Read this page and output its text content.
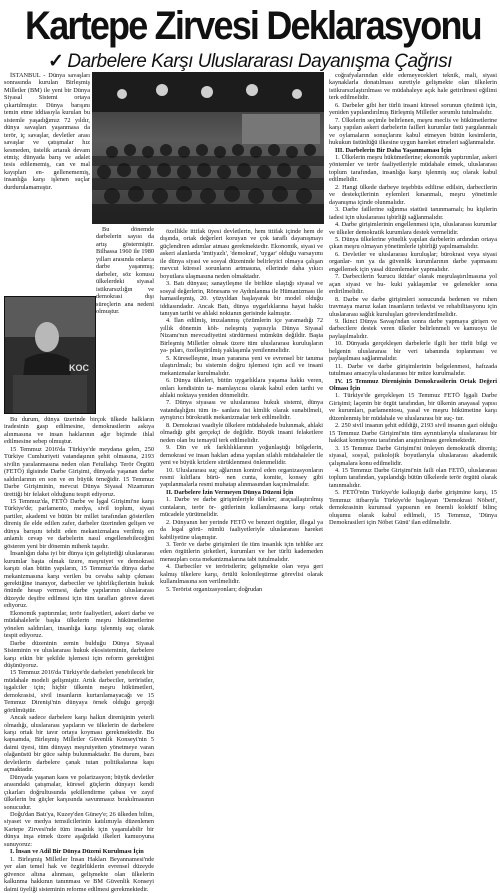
Kartepe Zirvesi Deklarasyonu
✓ Darbelere Karşı Uluslararası Dayanışma Çağrısı

İSTANBUL - Dünya savaşları sonrasında kurulan Birleşmiş Milletler (BM) ile yeni bir Dünya Siyasal Sistemi ortaya çıkartılmıştır. Dünya barışını temin etme iddiasıyla kurulan bu sistemle yaşadığımız 72 yıldır, dünya savaşları yaşanmasa da terör, iç savaşlar, devletler arası savaşlar ve çatışmalar hız kesmeden, üstelik artarak devam etmiş; dünyada barış ve adalet tesis edilememiş, can ve mal kayıpları en- gellenememiş, insanlığa karşı işlenen suçlar durdurulamamıştır.

Bu dönemde darbelerin sayısı da artış göstermiştir. Bilhassa 1960 ile 1980 yılları arasında onlarca darbe yaşanmış; darbeler, söz konusu ülkelerdeki siyasal istikrarsızlığın ve demokrasi dışı süreçlerin ana nedeni olmuştur.

KOC

Bu durum, dünya üzerinde birçok ülkede halkların iradesinin gasp edilmesine, demokrasilerin askıya alınmasına ve insan haklarının ağır biçimde ihlal edilmesine sebep olmuştur.

15 Temmuz 2016'da Türkiye'de meydana gelen, 250 Türkiye Cumhuriyeti vatandaşının şehit olmasına, 2193 sivilin yaralanmasına neden olan Fetullahçı Terör Örgütü (FETÖ) ilgisinde Darbe Girişimi, dünyada yaşanan darbe saldırılarının en son ve en büyük örneğidir. 15 Temmuz Darbe Girişiminin, mevcut Dünya Siyasal Nizamının ürettiği bir felaket olduğunu tespit ediyoruz.

15 Temmuz'da, FETÖ Darbe ve İşgal Girişimi'ne karşı Türkiye'de; parlamento, medya, sivil toplum, siyasi partiler, akademi ve bütün bir millet tarafından gösterilen direniş ile elde edilen zafer, darbeler üzerinden gelişen ve dünya barışını tehdit eden mekanizmalara verilmiş en anlamlı cevap ve darbelerin nasıl engellenebileceğini gösteren yeni bir dönemin mihenk taşıdır.

İnsanlığın daha iyi bir dünya için geliştirdiği uluslararası kurumlar başta olmak üzere, meşruiyet ve demokrasi karşıtı olan bütün yapıların, 15 Temmuz'da dünya darbe mekanizmasına karşı verilen bu cevaba sahip çıkması gerektiğine inanıyor, darbeciler ve işbirlikçilerinin hukuk önünde hesap vermesi, darbe yapılarının uluslararası düzeyde deşifre edilmesi için tüm tarafları göreve davet ediyoruz.

Ekonomik yaptırımlar, terör faaliyetleri, askeri darbe ve müdahalelerle başka ülkelerin meşru hükümetlerine yönelen saldırıları, insanlığa karşı işlenmiş suç olarak tespit ediyoruz.

Darbe düzeninin zemin bulduğu Dünya Siyasal Sisteminin ve uluslararası hukuk ekosisteminin, darbelere karşı etkin bir şekilde işlemesi için reform gerektiğini düşünüyoruz.

15 Temmuz 2016'da Türkiye'de darbeleri yenebilecek bir müdahale modeli gelişmiştir. Artık darbeciler, teröristler, işgalciler için; hiçbir ülkenin meşru hükümetleri, demokrasisi, sivil insanların kurtarılamayacağı ve 15 Temmuz Direnişi'nin dünyaya örnek olduğu gerçeği görülmüştür.

Ancak sadece darbelere karşı halkın direnişinin yeterli olmadığı, uluslararası yapıların ve ülkelerin de darbelere karşı ortak bir tavır ortaya koyması gerekmektedir. Bu kapsamda, Birleşmiş Milletler Güvenlik Konseyi'nin 5 daimi üyesi, tüm dünyayı meşruiyetten yönetmeye varan olağanüstü bir güce sahip bulunmaktadır. Bu durum, bazı devletlerin darbelere çanak tutan politikalarına kapı açmaktadır.

Dünyada yaşanan kaos ve polarizasyon; büyük devletler arasındaki çatışmalar, küresel güçlerin dünyayı kendi çıkarları doğrultusunda şekillendirme çabası ve zayıf ülkelerin bu güçler karşısında savunmasız bırakılmasının sonucudur.

Doğu'dan Batı'ya, Kuzey'den Güney'e; 26 ülkeden bilim, siyaset ve medya temsilcilerinin katılımıyla düzenlenen Kartepe Zirvesi'nde tüm insanlık için yaşanılabilir bir dünya inşa etmek üzere aşağıdaki ilkeleri kamuoyuna sunuyoruz:

I. İnsan ve Adil Bir Dünya Düzeni Kurulması İçin

1. Birleşmiş Milletler İnsan Hakları Beyannamesi'nde yer alan temel hak ve özgürlüklerin evrensel düzeyde güvence altına alınması, gelişmekte olan ülkelerin kalkınma hakkının tanınması ve BM Güvenlik Konseyi daimi üyeliği sisteminin reforme edilmesi gerekmektedir.

özellikle ittifak üyesi devletlerin, hem ittifak içinde hem de dışında, ortak değerleri koruyan ve çok taraflı dayanışmayı güçlendiren adımlar atması gerekmektedir. Ekonomik, siyasi ve askeri alanlarda 'imtiyazlı', 'demokrat', 'uygar' olduğu varsayımı ile dünya siyasi ve sosyal düzeninde belirleyici olmaya çalışan mevcut küresel sorunların artmasına, ellerinde daha yıkıcı boyutlara ulaşmasına neden olmaktadır.

3. Batı dünyası; sanayileşme ile birlikte ulaştığı siyasal ve sosyal değerlerin, Rönesans ve Aydınlanma ile Hümanizması ile hamasileşmiş, 20. yüzyıldan başlayarak bir model olduğu iddiasındadır. Ancak Batı, dünya uygarlıklarına hayat hakkı tanıyan tarihi ve ahlaki noktanın gerisinde kalmıştır.

4. İlan edilmiş, imzalanmış çözümlerin içe yaramadığı 72 yıllık dönemin köh- neleşmiş yapısıyla Dünya Siyasal Nizamı'nın mevcudiyetini sürdürmesi mümkün değildir. Başta Birleşmiş Milletler olmak üzere tüm uluslararası kuruluşların ya- pıları, özelleştirilmiş yaklaşımla yenilenmelidir.

5. Küreselleşme, insan yaranına yeni ve evrensel bir tanıma ulaştırılmalı; bu sistemin doğru işlemesi için acil ve insani mekanizmalar kurulmalıdır.

6. Dünya ülkeleri, bütün uygarlıklara yaşama hakkı veren, onları kendisinin ta- mamlayıcısı olarak kabul eden tarihi ve ahlaki noktaya yeniden dönmelidir.

7. Dünya siyasası ve uluslararası hukuk sistemi, dünya vatandaşlığını tüm in- sanlara üst kimlik olarak sunabilmeli, ayrıştırıcı bürokratik mekanizmalar terk edilmelidir.

8. Demokrasi vaadiyle ülkelere müdahalede bulunmak, ahlaki olmadığı gibi gerçekçi de değildir. Büyük insani felaketlere neden olan bu temayül terk edilmelidir.

9. Din ve ırk farklılıklarının yoğunlaştığı bölgelerin, demokrasi ve insan hakları adına yapılan silahlı müdahaleler ile yeni ve büyük krizlere sürüklenmesi önlenmelidir.

10. Uluslararası suç ağlarının kontrol eden organizasyonların resmi kılıflara bürü- nen cunta, komite, konsey gibi yapılanmalarla resmi muhatap alınmasından kaçınılmalıdır.

II. Darbelere İzin Vermeyen Dünya Düzeni İçin

1. Darbe ve darbe girişimleriyle ülkeler; araçsallaştırılmış cuntaların, terör ör- gütlerinin kullanılmasına karşı ortak mücadele yürütmelidir.

2. Dünyanın her yerinde FETÖ ve benzeri örgütler, illegal ya da legal görü- nümlü faaliyetleriyle uluslararası hareket kabiliyetine ulaşmıştır.

3. Terör ve darbe girişimleri ile tüm insanlık için tehlike arz eden örgütlerin şirketleri, kurumları ve her türlü kademeden mensupları ceza mekanizmalarına tabi tutulmalıdır.

4. Darbeciler ve teröristlerin; gelişmekte olan veya geri kalmış ülkelere karşı, örtülü kolonileştirme görevlisi olarak kullanılmasına son verilmelidir.

5. Terörist organizasyonları; doğrudan

coğrafyalarından elde edemeyecekleri teknik, mali, siyasi kaynaklarla donatılması suretiyle gelişmekte olan ülkelerin istikrarsızlaştırılması ve müdahaleye açık hale getirilmesi eğilimi terk edilmelidir.

6. Darbeler gibi her türlü insani küresel sorunun çözümü için, yeniden yapılandırılmış Birleşmiş Milletler sorumlu tutulmalıdır.

7. Ülkelerin seçimle belirlenen, meşru meclis ve hükümetlerine karşı yapılan askeri darbelerin failleri kurumlar üstü yargılanmalı ve oylamaların sonuçlarını kabul etmeyen bütün kesimlerin, hukukun üstünlüğü ilkesine uygun hareket etmeleri sağlanmalıdır.

III. Darbelerin Bir Daha Yaşanmaması İçin

1. Ülkelerin meşru hükümetlerine; ekonomik yaptırımlar, askeri yöntemler ve terör faaliyetleriyle müdahale etmek, uluslararası toplum tarafından, insanlığa karşı işlenmiş suç olarak kabul edilmelidir.

2. Hangi ülkede darbeye teşebbüs edilirse edilsin, darbecilerin ve destekçilerinin eylemleri kınanmalı, meşru yönetimle dayanışma içinde olunmalıdır.

3. Darbe faillerine sığınma statüsü tanınmamalı; bu kişilerin iadesi için uluslararası işbirliği sağlanmalıdır.

4. Darbe girişimlerinin engellenmesi için, uluslararası kurumlar ve ülkeler demokratik kurumlara destek vermelidir.

5. Dünya ülkelerine yönelik yapılan darbelerin ardından ortaya çıkan meşru olmayan yönetimlerle işbirliği yapılmamalıdır.

6. Devletler ve uluslararası kuruluşlar; bürokrasi veya siyasi organlar- nın ya da güvenlik kurumlarının darbe yapmasını engellemek için yasal düzenlemeler yapmalıdır.

7. Darbecilerin 'kurucu iktidar' olarak meşrulaştırılmasına yol açan siyasi ve hu- kuki yaklaşımlar ve gelenekler sona erdirilmelidir.

8. Darbe ve darbe girişimleri sonucunda bedenen ve ruhen travmaya maruz kalan insanların tedavisi ve rehabilitasyonu için uluslararası sağlık kuruluşları görevlendirilmelidir.

9. İkinci Dünya Savaşı'ndan sonra darbe yapmaya girişen ve darbecilere destek veren ülkeler belirlenmeli ve kamuoyu ile paylaşılmalıdır.

10. Dünyada gerçekleşen darbelerle ilgili her türlü bilgi ve belgenin uluslararası bir veri tabanında toplanması ve paylaşılması sağlanmalıdır.

11. Darbe ve darbe girişimlerinin belgelenmesi, hafızada tutulması amacıyla uluslararası bir müze kurulmalıdır.

IV. 15 Temmuz Direnişinin Demokrasilerin Ortak Değeri Olması İçin

1. Türkiye'de gerçekleşen 15 Temmuz FETÖ İşgali Darbe Girişimi; laçenin bir örgüt tarafından, bir ülkenin anayasal yapısı ve kurumları, parlamentosu, yasal ve meşru hükümetine karşı düzenlenmiş bir müdahale ve uluslararası bir suç- tur.

2. 250 sivil insanın şehit edildiği, 2193 sivil insanın gazi olduğu 15 Temmuz Darbe Girişimi'nin tüm ayrıntılarıyla uluslararası bir hakikat komisyonu tarafından araştırılması gerekmektedir.

3. 15 Temmuz Darbe Girişimi'ni önleyen demokratik direniş; siyasal, sosyal, psikolojik boyutlarıyla uluslararası akademik çalışmalara konu edilmelidir.

4. 15 Temmuz Darbe Girişimi'nin faili olan FETÖ, uluslararası toplum tarafından, yapılandığı bütün ülkelerde terör örgütü olarak tanınmalıdır.

5. FETÖ'nün Türkiye'de kalkıştığı darbe girişimine karşı, 15 Temmuz itibarıyla Türkiye'de başlayan 'Demokrasi Nöbeti', demokrasinin kurumsal yapısının en önemli kolektif bilinç oluşumu olarak kabul edilmeli, 15 Temmuz, 'Dünya Demokrasileri için Nöbet Günü' ilan edilmelidir.
